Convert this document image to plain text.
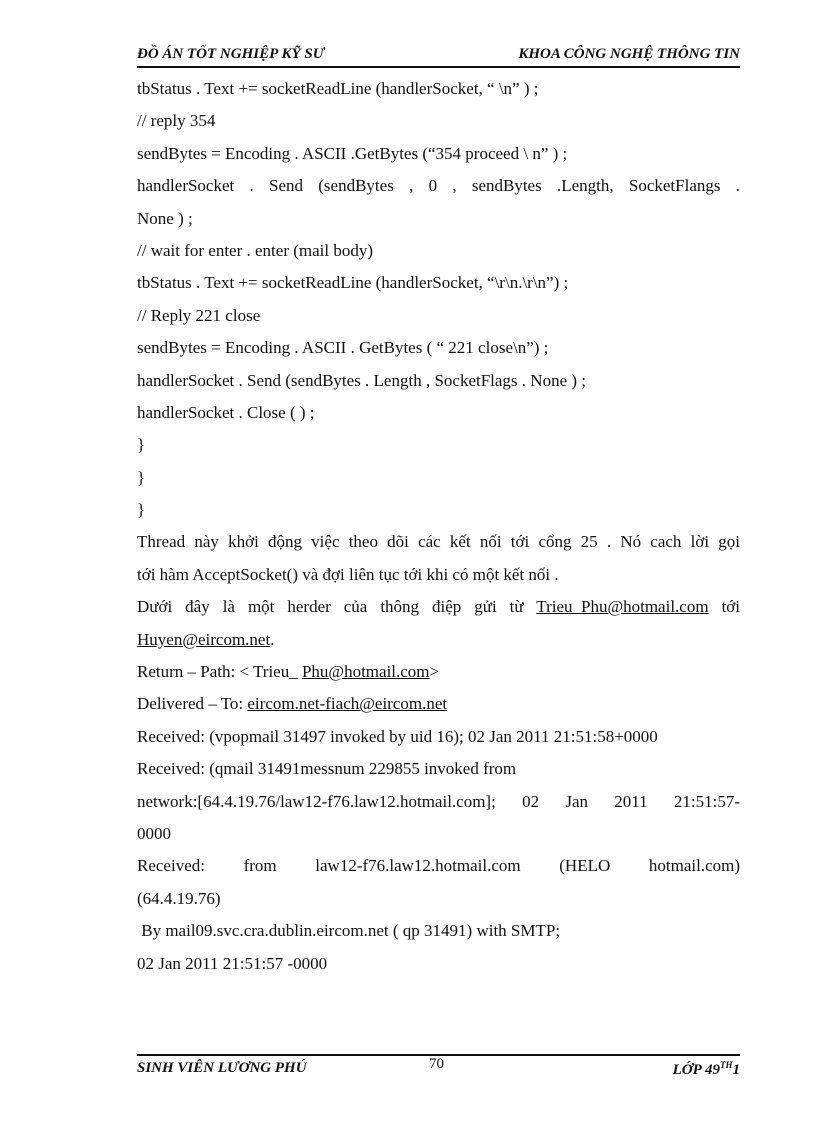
ĐỒ ÁN TỐT NGHIỆP KỸ SƯ	KHOA CÔNG NGHỆ THÔNG TIN
tbStatus . Text += socketReadLine (handlerSocket, “ \n” ) ;
// reply 354
sendBytes = Encoding . ASCII .GetBytes (“354 proceed \ n” ) ;
handlerSocket . Send (sendBytes , 0 , sendBytes .Length, SocketFlangs .
None ) ;
// wait for enter . enter (mail body)
tbStatus . Text += socketReadLine (handlerSocket, “\r\n.\r\n”) ;
// Reply 221 close
sendBytes = Encoding . ASCII . GetBytes ( “ 221 close\n”) ;
handlerSocket . Send (sendBytes . Length , SocketFlags . None ) ;
handlerSocket . Close ( ) ;
}
}
}
Thread này khởi động việc theo dõi các kết nối tới cổng 25 . Nó cach lời gọi
tới hàm AcceptSocket() và đợi liên tục tới khi có một kết nối .
Dưới đây là một herder của thông điệp gửi từ Trieu_Phu@hotmail.com tới
Huyen@eircom.net.
Return – Path: < Trieu_ Phu@hotmail.com>
Delivered – To: eircom.net-fiach@eircom.net
Received: (vpopmail 31497 invoked by uid 16); 02 Jan 2011 21:51:58+0000
Received: (qmail 31491messnum 229855 invoked from
network:[64.4.19.76/law12-f76.law12.hotmail.com]; 02 Jan 2011 21:51:57-
0000
Received: from law12-f76.law12.hotmail.com (HELO hotmail.com)
(64.4.19.76)
By mail09.svc.cra.dublin.eircom.net ( qp 31491) with SMTP;
02 Jan 2011 21:51:57 -0000
SINH VIÊN LƯƠNG PHÚ	70	LỚP 49TH1
